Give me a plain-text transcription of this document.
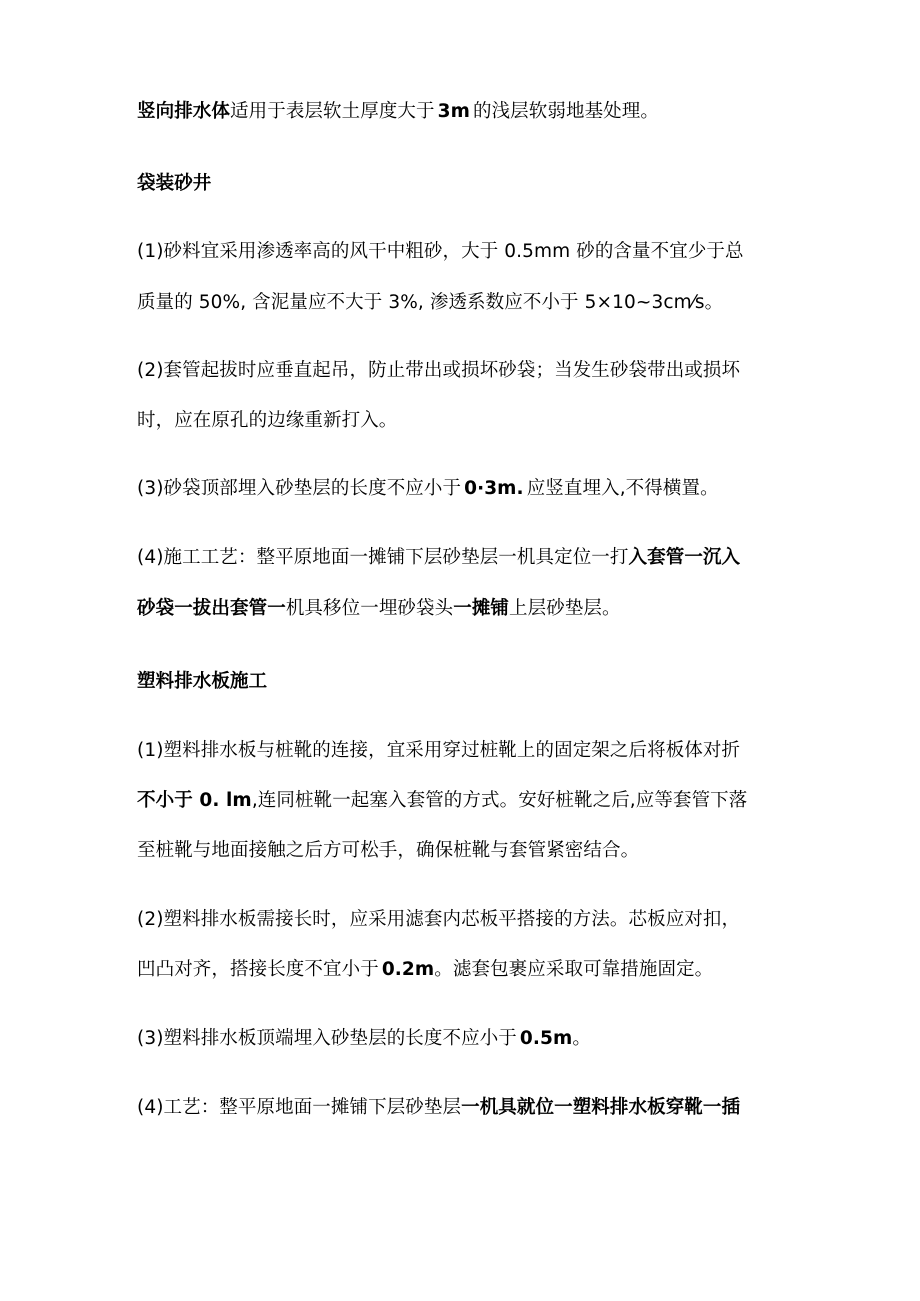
竖向排水体适用于表层软土厚度大于 3m 的浅层软弱地基处理。
袋装砂井
(1)砂料宜采用渗透率高的风干中粗砂，大于 0.5mm 砂的含量不宜少于总
质量的 50%, 含泥量应不大于 3%, 渗透系数应不小于 5×10~3cm⁄s。
(2)套管起拔时应垂直起吊，防止带出或损坏砂袋；当发生砂袋带出或损坏
时，应在原孔的边缘重新打入。
(3)砂袋顶部埋入砂垫层的长度不应小于 0·3m. 应竖直埋入,不得横置。
(4)施工工艺：整平原地面一摊铺下层砂垫层一机具定位一打入套管一沉入
砂袋一拔出套管一机具移位一埋砂袋头一摊铺上层砂垫层。
塑料排水板施工
(1)塑料排水板与桩靴的连接，宜采用穿过桩靴上的固定架之后将板体对折
不小于 0. lm,连同桩靴一起塞入套管的方式。安好桩靴之后,应等套管下落
至桩靴与地面接触之后方可松手，确保桩靴与套管紧密结合。
(2)塑料排水板需接长时，应采用滤套内芯板平搭接的方法。芯板应对扣，
凹凸对齐，搭接长度不宜小于 0.2m。滤套包裹应采取可靠措施固定。
(3)塑料排水板顶端埋入砂垫层的长度不应小于 0.5m。
(4)工艺：整平原地面一摊铺下层砂垫层一机具就位一塑料排水板穿靴一插
